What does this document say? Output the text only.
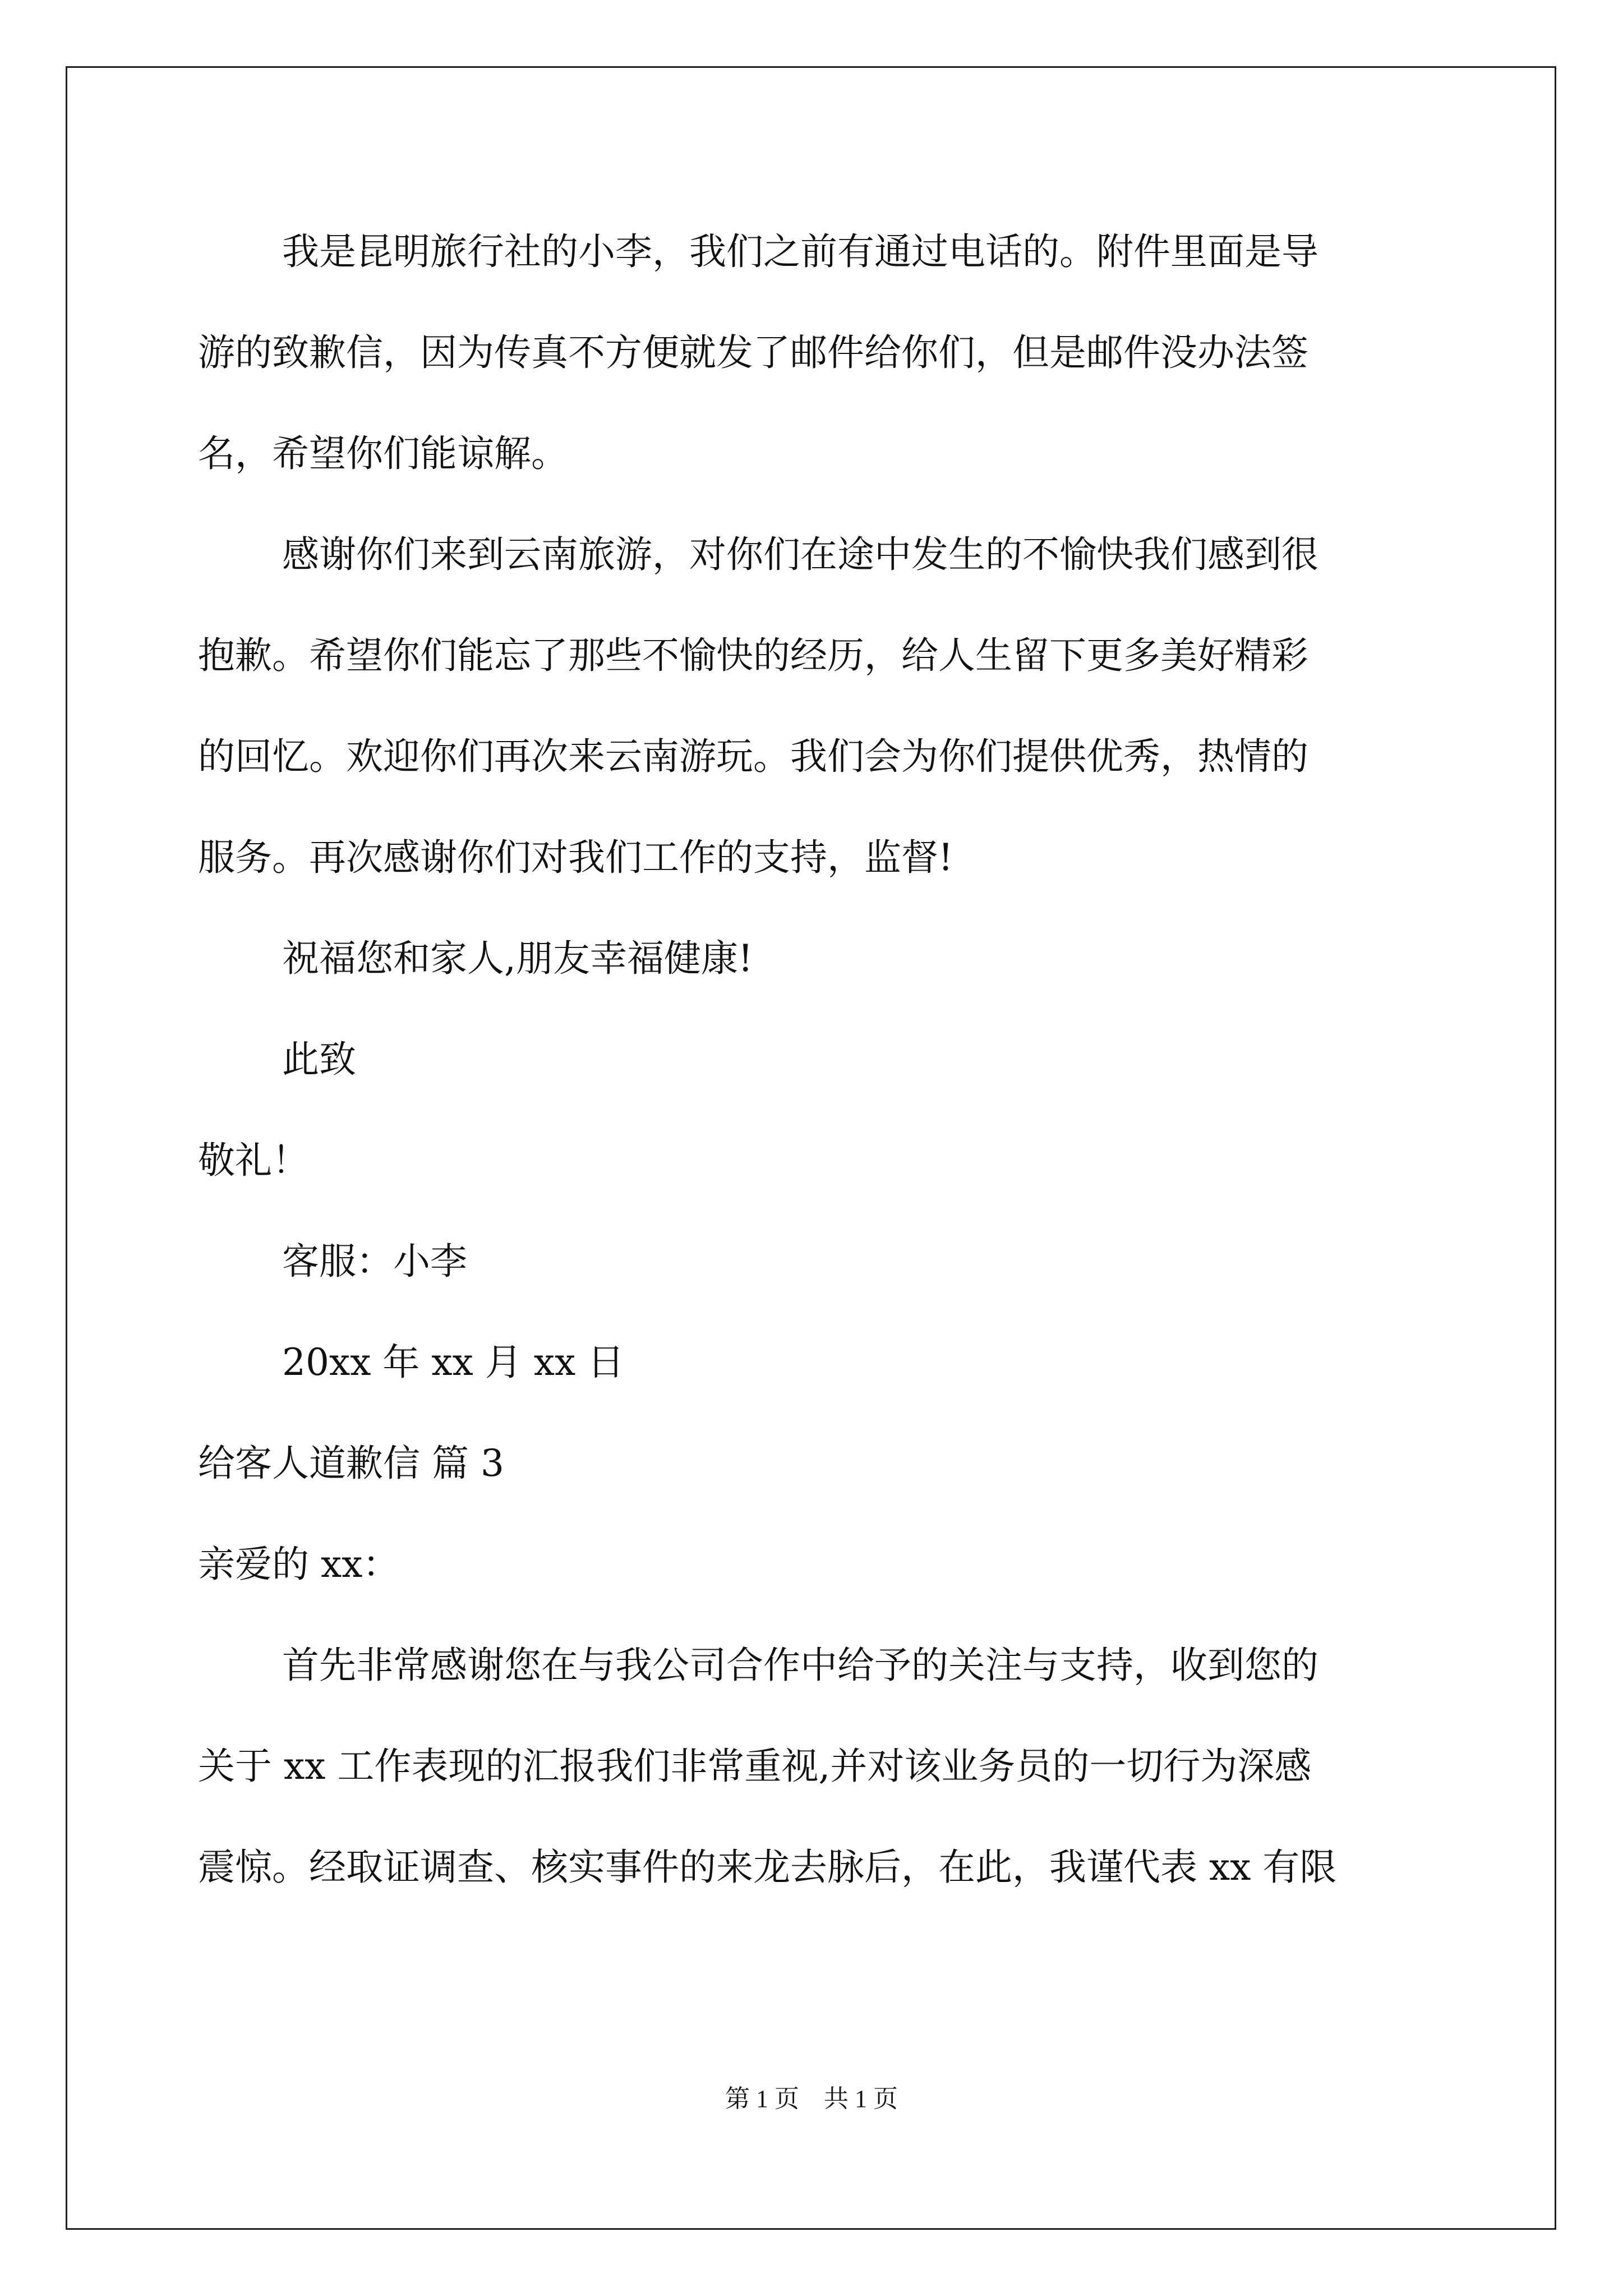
我是昆明旅行社的小李，我们之前有通过电话的。附件里面是导
游的致歉信，因为传真不方便就发了邮件给你们，但是邮件没办法签
名，希望你们能谅解。
感谢你们来到云南旅游，对你们在途中发生的不愉快我们感到很
抱歉。希望你们能忘了那些不愉快的经历，给人生留下更多美好精彩
的回忆。欢迎你们再次来云南游玩。我们会为你们提供优秀，热情的
服务。再次感谢你们对我们工作的支持，监督!
祝福您和家人,朋友幸福健康!
此致
敬礼！
客服：小李
20xx 年 xx 月 xx 日
给客人道歉信 篇 3
亲爱的 xx：
首先非常感谢您在与我公司合作中给予的关注与支持，收到您的
关于 xx 工作表现的汇报我们非常重视,并对该业务员的一切行为深感
震惊。经取证调查、核实事件的来龙去脉后，在此，我谨代表 xx 有限
第 1 页　共 1 页
